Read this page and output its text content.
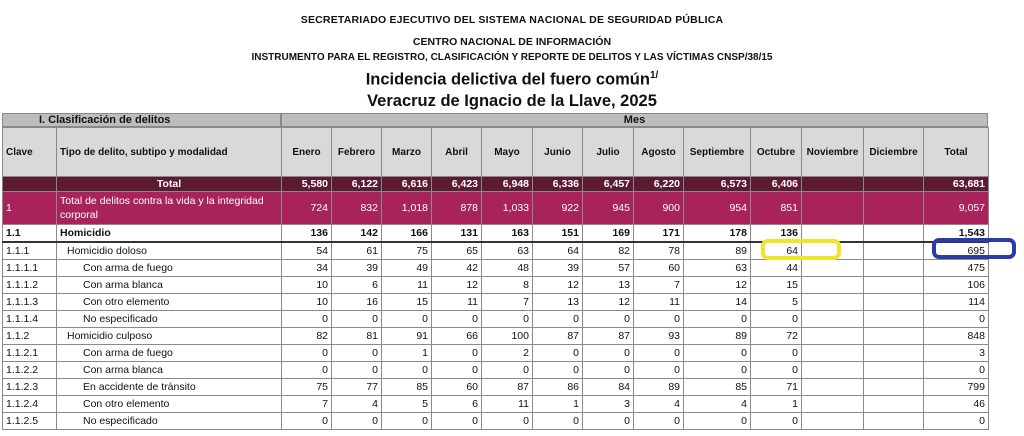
SECRETARIADO EJECUTIVO DEL SISTEMA NACIONAL DE SEGURIDAD PÚBLICA
CENTRO NACIONAL DE INFORMACIÓN
INSTRUMENTO PARA EL REGISTRO, CLASIFICACIÓN Y REPORTE DE DELITOS Y LAS VÍCTIMAS CNSP/38/15
Incidencia delictiva del fuero común$^{1/}$
Veracruz de Ignacio de la Llave, 2025
I. Clasificación de delitos	Mes
Clave	Tipo de delito, subtipo y modalidad	Enero	Febrero	Marzo	Abril	Mayo	Junio	Julio	Agosto	Septiembre	Octubre	Noviembre	Diciembre	Total
	Total	5,580	6,122	6,616	6,423	6,948	6,336	6,457	6,220	6,573	6,406			63,681
1	Total de delitos contra la vida y la integridad corporal	724	832	1,018	878	1,033	922	945	900	954	851			9,057
1.1	Homicidio	136	142	166	131	163	151	169	171	178	136			1,543
1.1.1	Homicidio doloso	54	61	75	65	63	64	82	78	89	64			695
1.1.1.1	Con arma de fuego	34	39	49	42	48	39	57	60	63	44			475
1.1.1.2	Con arma blanca	10	6	11	12	8	12	13	7	12	15			106
1.1.1.3	Con otro elemento	10	16	15	11	7	13	12	11	14	5			114
1.1.1.4	No especificado	0	0	0	0	0	0	0	0	0	0			0
1.1.2	Homicidio culposo	82	81	91	66	100	87	87	93	89	72			848
1.1.2.1	Con arma de fuego	0	0	1	0	2	0	0	0	0	0			3
1.1.2.2	Con arma blanca	0	0	0	0	0	0	0	0	0	0			0
1.1.2.3	En accidente de tránsito	75	77	85	60	87	86	84	89	85	71			799
1.1.2.4	Con otro elemento	7	4	5	6	11	1	3	4	4	1			46
1.1.2.5	No especificado	0	0	0	0	0	0	0	0	0	0			0
